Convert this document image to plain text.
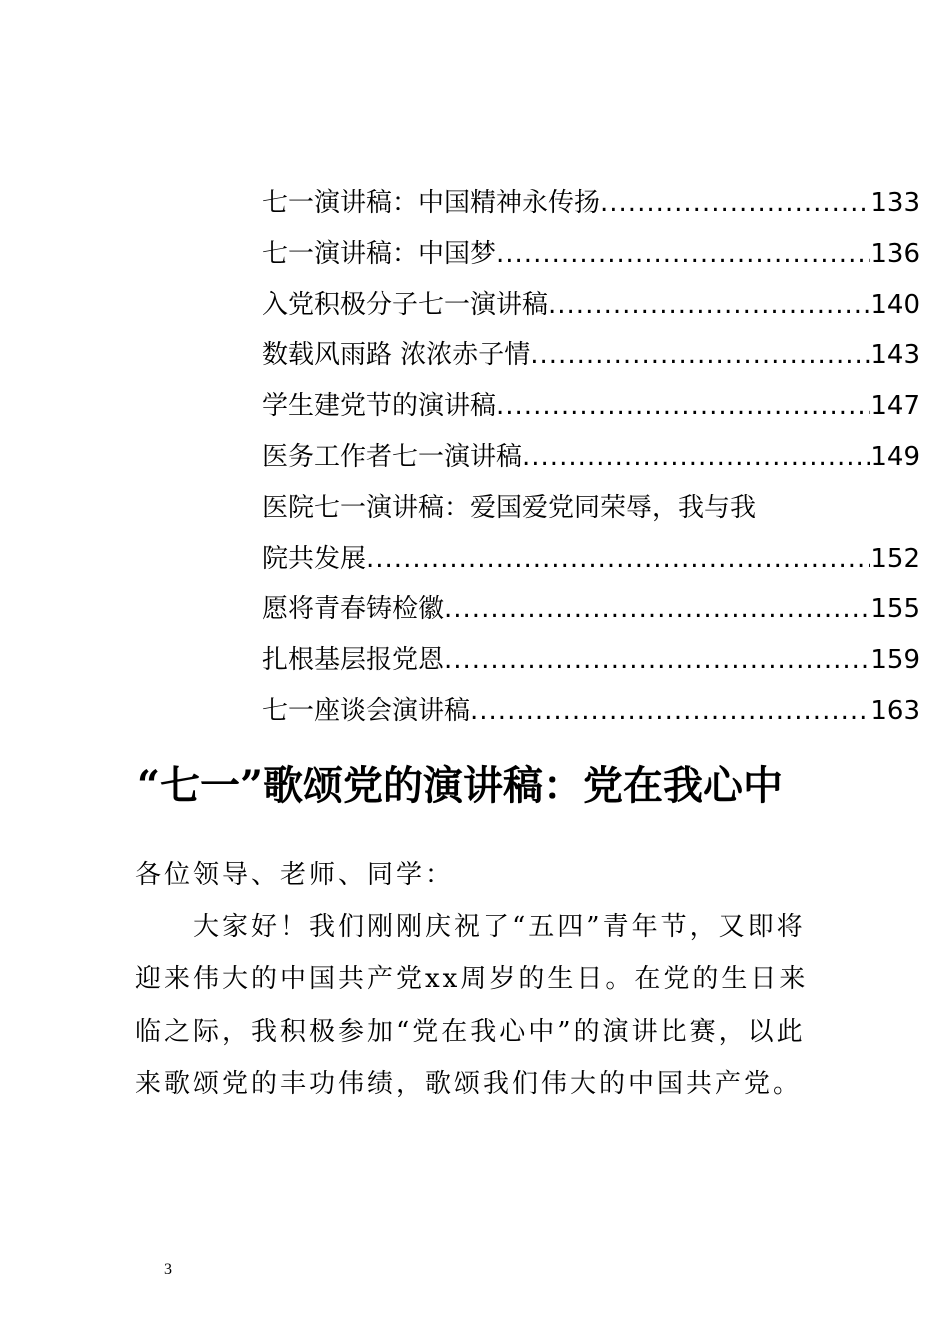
七一演讲稿：中国精神永传扬 .....	133
七一演讲稿：中国梦 .....	136
入党积极分子七一演讲稿 .....	140
数载风雨路 浓浓赤子情 .....	143
学生建党节的演讲稿 .....	147
医务工作者七一演讲稿 .....	149
医院七一演讲稿：爱国爱党同荣辱，我与我
院共发展 .....	152
愿将青春铸检徽 .....	155
扎根基层报党恩 .....	159
七一座谈会演讲稿 .....	163
“七一”歌颂党的演讲稿：党在我心中

各位领导、老师、同学：

大家好！我们刚刚庆祝了“五四”青年节，又即将迎来伟大的中国共产党xx周岁的生日。在党的生日来临之际，我积极参加“党在我心中”的演讲比赛，以此来歌颂党的丰功伟绩，歌颂我们伟大的中国共产党。

3
